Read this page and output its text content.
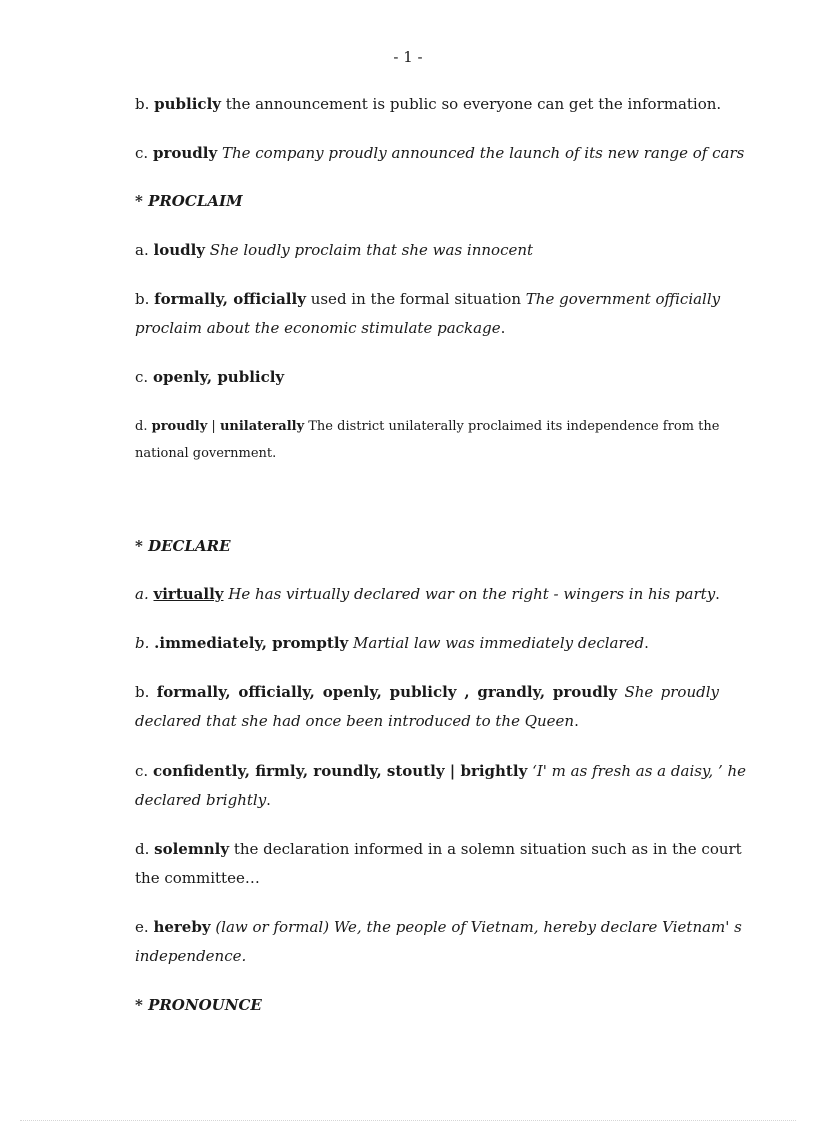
- 1 -
b. publicly the announcement is public so everyone can get the information.
c. proudly The company proudly announced the launch of its new range of cars
* PROCLAIM
a. loudly She loudly proclaim that she was innocent
b. formally, officially used in the formal situation The government officially
proclaim about the economic stimulate package.
c. openly, publicly
d. proudly | unilaterally The district unilaterally proclaimed its independence from the
national government.
* DECLARE
a. virtually He has virtually declared war on the right - wingers in his party.
b. .immediately, promptly Martial law was immediately declared.
b. formally, officially, openly, publicly , grandly, proudly She proudly
declared that she had once been introduced to the Queen.
c. confidently, firmly, roundly, stoutly | brightly ‘I' m as fresh as a daisy, ’ he
declared brightly.
d. solemnly the declaration informed in a solemn situation such as in the court
the committee…
e. hereby (law or formal) We, the people of Vietnam, hereby declare Vietnam' s
independence.
* PRONOUNCE
